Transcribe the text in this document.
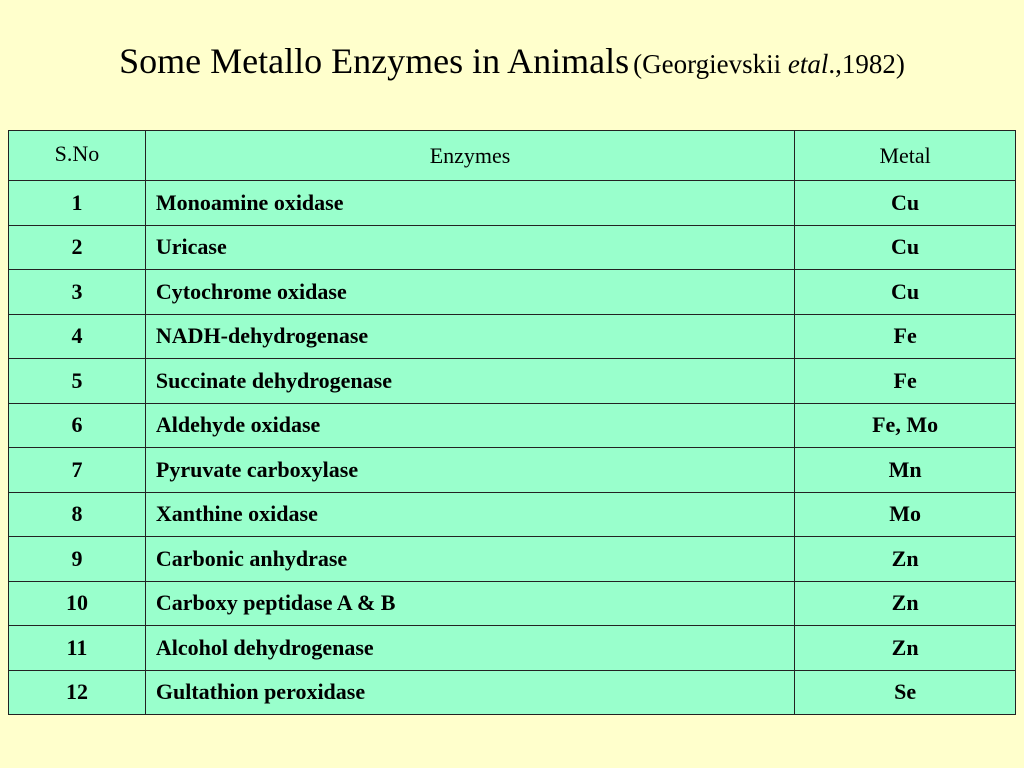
Some Metallo Enzymes in Animals (Georgievskii etal.,1982)
S.No	Enzymes	Metal
1	Monoamine oxidase	Cu
2	Uricase	Cu
3	Cytochrome oxidase	Cu
4	NADH-dehydrogenase	Fe
5	Succinate dehydrogenase	Fe
6	Aldehyde oxidase	Fe, Mo
7	Pyruvate carboxylase	Mn
8	Xanthine oxidase	Mo
9	Carbonic anhydrase	Zn
10	Carboxy peptidase A & B	Zn
11	Alcohol dehydrogenase	Zn
12	Gultathion peroxidase	Se
